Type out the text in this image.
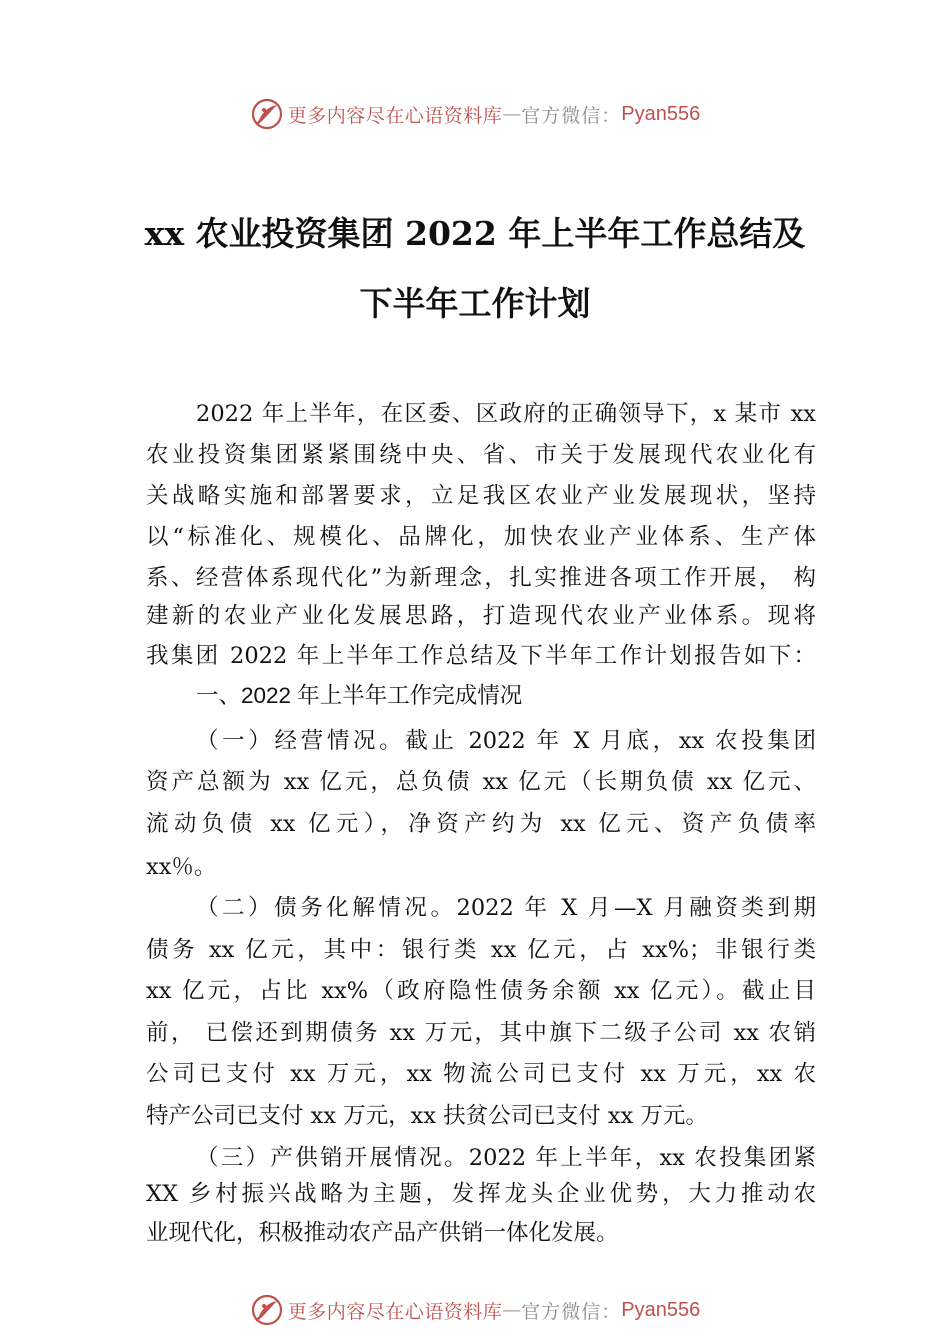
更多内容尽在心语资料库 — 官方微信： Pyan556
xx 农业投资集团 2022 年上半年工作总结及
下半年工作计划
2022 年上半年，在区委、区政府的正确领导下，x 某市 xx
农业投资集团紧紧围绕中央、省、市关于发展现代农业化有
关战略实施和部署要求，立足我区农业产业发展现状，坚持
以“标准化、规模化、品牌化，加快农业产业体系、生产体
系、经营体系现代化”为新理念，扎实推进各项工作开展， 构
建新的农业产业化发展思路，打造现代农业产业体系。现将
我集团 2022 年上半年工作总结及下半年工作计划报告如下：
一、2022 年上半年工作完成情况
（一）经营情况。截止 2022 年 X 月底，xx 农投集团
资产总额为 xx 亿元，总负债 xx 亿元（长期负债 xx 亿元、
流动负债 xx 亿元），净资产约为 xx 亿元、资产负债率
xx％。
（二）债务化解情况。2022 年 X 月—X 月融资类到期
债务 xx 亿元，其中：银行类 xx 亿元，占 xx%；非银行类
xx 亿元，占比 xx%（政府隐性债务余额 xx 亿元）。截止目
前， 已偿还到期债务 xx 万元，其中旗下二级子公司 xx 农销
公司已支付 xx 万元，xx 物流公司已支付 xx 万元，xx 农
特产公司已支付 xx 万元，xx 扶贫公司已支付 xx 万元。
（三）产供销开展情况。2022 年上半年，xx 农投集团紧
XX 乡村振兴战略为主题，发挥龙头企业优势，大力推动农
业现代化，积极推动农产品产供销一体化发展。
更多内容尽在心语资料库 — 官方微信： Pyan556
